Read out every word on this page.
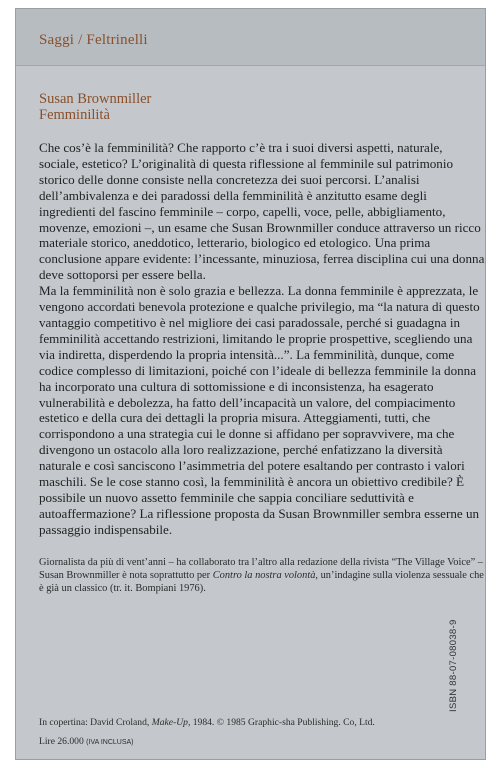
Saggi / Feltrinelli
Susan Brownmiller
Femminilità

Che cos’è la femminilità? Che rapporto c’è tra i suoi diversi aspetti, naturale, sociale, estetico? L’originalità di questa riflessione al femminile sul patrimonio storico delle donne consiste nella concretezza dei suoi percorsi. L’analisi dell’ambivalenza e dei paradossi della femminilità è anzitutto esame degli ingredienti del fascino femminile – corpo, capelli, voce, pelle, abbigliamento, movenze, emozioni –, un esame che Susan Brownmiller conduce attraverso un ricco materiale storico, aneddotico, letterario, biologico ed etologico. Una prima conclusione appare evidente: l’incessante, minuziosa, ferrea disciplina cui una donna deve sottoporsi per essere bella.

Ma la femminilità non è solo grazia e bellezza. La donna femminile è apprezzata, le vengono accordati benevola protezione e qualche privilegio, ma “la natura di questo vantaggio competitivo è nel migliore dei casi paradossale, perché si guadagna in femminilità accettando restrizioni, limitando le proprie prospettive, scegliendo una via indiretta, disperdendo la propria intensità...”. La femminilità, dunque, come codice complesso di limitazioni, poiché con l’ideale di bellezza femminile la donna ha incorporato una cultura di sottomissione e di inconsistenza, ha esagerato vulnerabilità e debolezza, ha fatto dell’incapacità un valore, del compiacimento estetico e della cura dei dettagli la propria misura. Atteggiamenti, tutti, che corrispondono a una strategia cui le donne si affidano per sopravvivere, ma che divengono un ostacolo alla loro realizzazione, perché enfatizzano la diversità naturale e così sanciscono l’asimmetria del potere esaltando per contrasto i valori maschili. Se le cose stanno così, la femminilità è ancora un obiettivo credibile? È possibile un nuovo assetto femminile che sappia conciliare seduttività e autoaffermazione? La riflessione proposta da Susan Brownmiller sembra esserne un passaggio indispensabile.

Giornalista da più di vent’anni – ha collaborato tra l’altro alla redazione della rivista “The Village Voice” – Susan Brownmiller è nota soprattutto per Contro la nostra volontà, un’indagine sulla violenza sessuale che è già un classico (tr. it. Bompiani 1976).
In copertina: David Croland, Make-Up, 1984. © 1985 Graphic-sha Publishing. Co, Ltd.
Lire 26.000 (IVA INCLUSA)
ISBN 88-07-08038-9
